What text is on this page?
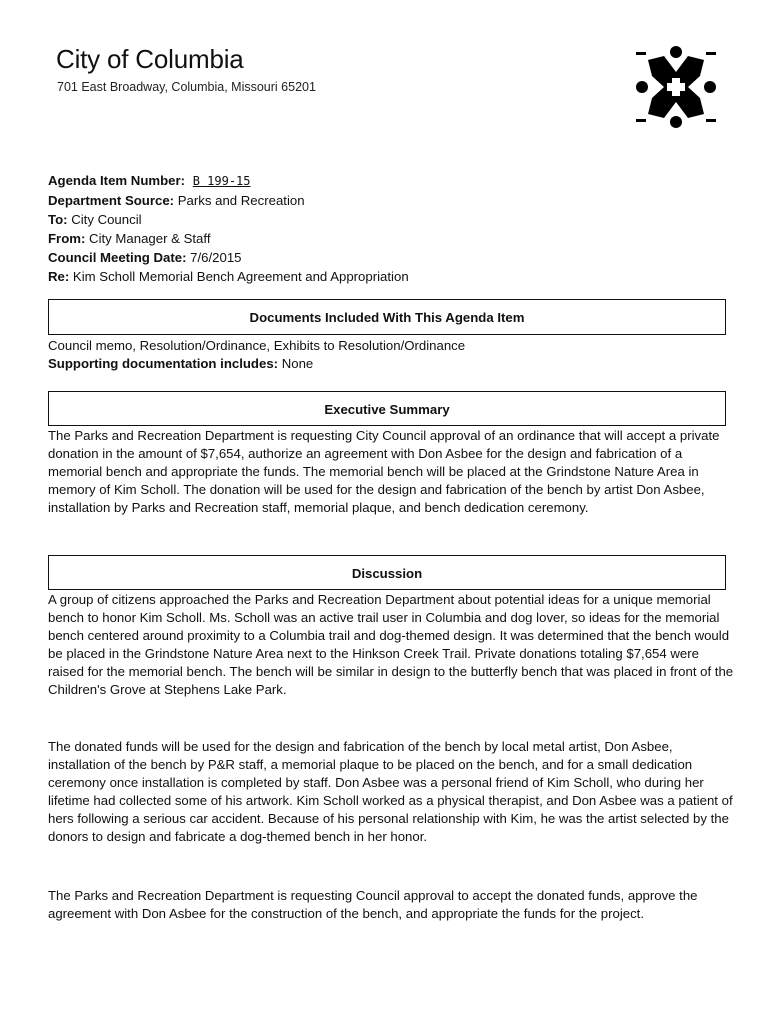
City of Columbia
701 East Broadway, Columbia, Missouri 65201
Agenda Item Number: B 199-15
Department Source: Parks and Recreation
To: City Council
From: City Manager & Staff
Council Meeting Date: 7/6/2015
Re: Kim Scholl Memorial Bench Agreement and Appropriation
Documents Included With This Agenda Item
Council memo, Resolution/Ordinance, Exhibits to Resolution/Ordinance
Supporting documentation includes: None
Executive Summary
The Parks and Recreation Department is requesting City Council approval of an ordinance that will accept a private donation in the amount of $7,654, authorize an agreement with Don Asbee for the design and fabrication of a memorial bench and appropriate the funds. The memorial bench will be placed at the Grindstone Nature Area in memory of Kim Scholl. The donation will be used for the design and fabrication of the bench by artist Don Asbee, installation by Parks and Recreation staff, memorial plaque, and bench dedication ceremony.
Discussion
A group of citizens approached the Parks and Recreation Department about potential ideas for a unique memorial bench to honor Kim Scholl. Ms. Scholl was an active trail user in Columbia and dog lover, so ideas for the memorial bench centered around proximity to a Columbia trail and dog-themed design. It was determined that the bench would be placed in the Grindstone Nature Area next to the Hinkson Creek Trail. Private donations totaling $7,654 were raised for the memorial bench. The bench will be similar in design to the butterfly bench that was placed in front of the Children's Grove at Stephens Lake Park.
The donated funds will be used for the design and fabrication of the bench by local metal artist, Don Asbee, installation of the bench by P&R staff, a memorial plaque to be placed on the bench, and for a small dedication ceremony once installation is completed by staff. Don Asbee was a personal friend of Kim Scholl, who during her lifetime had collected some of his artwork. Kim Scholl worked as a physical therapist, and Don Asbee was a patient of hers following a serious car accident. Because of his personal relationship with Kim, he was the artist selected by the donors to design and fabricate a dog-themed bench in her honor.
The Parks and Recreation Department is requesting Council approval to accept the donated funds, approve the agreement with Don Asbee for the construction of the bench, and appropriate the funds for the project.
